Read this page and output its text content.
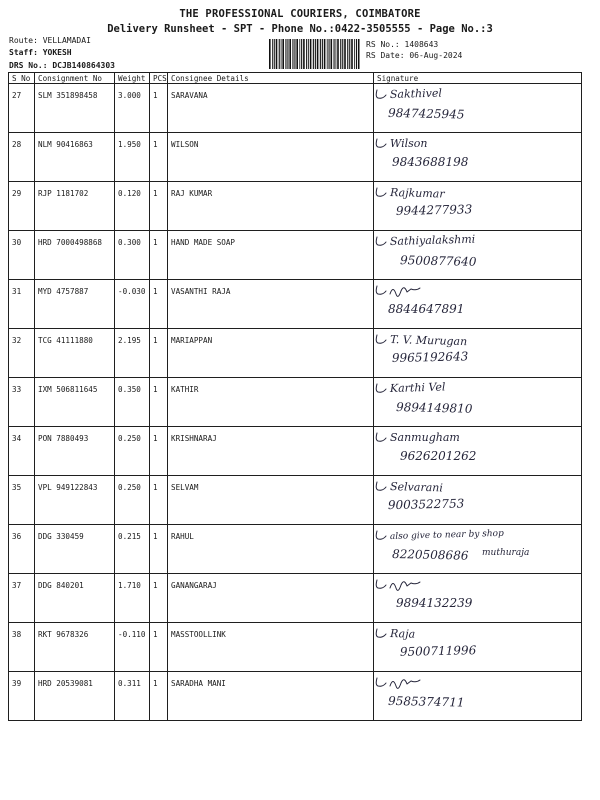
THE PROFESSIONAL COURIERS, COIMBATORE
Delivery Runsheet - SPT - Phone No.:0422-3505555 - Page No.:3
Route: VELLAMADAI
Staff: YOKESH
DRS No.: DCJB140864303
RS No.: 1408643
RS Date: 06-Aug-2024
S No	Consignment No	Weight	PCS	Consignee Details	Signature
27	SLM 351898458	3.000	1	SARAVANA	Sakthivel
9847425945

28	NLM 90416863	1.950	1	WILSON	Wilson
9843688198

29	RJP 1181702	0.120	1	RAJ KUMAR	Rajkumar
9944277933

30	HRD 7000498868	0.300	1	HAND MADE SOAP	Sathiyalakshmi
9500877640

31	MYD 4757887	-0.030	1	VASANTHI RAJA	8844647891

32	TCG 41111880	2.195	1	MARIAPPAN	T. V. Murugan
9965192643

33	IXM 506811645	0.350	1	KATHIR	Karthi Vel
9894149810

34	PON 7880493	0.250	1	KRISHNARAJ	Sanmugham
9626201262

35	VPL 949122843	0.250	1	SELVAM	Selvarani
9003522753

36	DDG 330459	0.215	1	RAHUL	also give to near by shop
muthuraja
8220508686

37	DDG 840201	1.710	1	GANANGARAJ	9894132239

38	RKT 9678326	-0.110	1	MASSTOOLLINK	Raja
9500711996

39	HRD 20539081	0.311	1	SARADHA MANI	9585374711
